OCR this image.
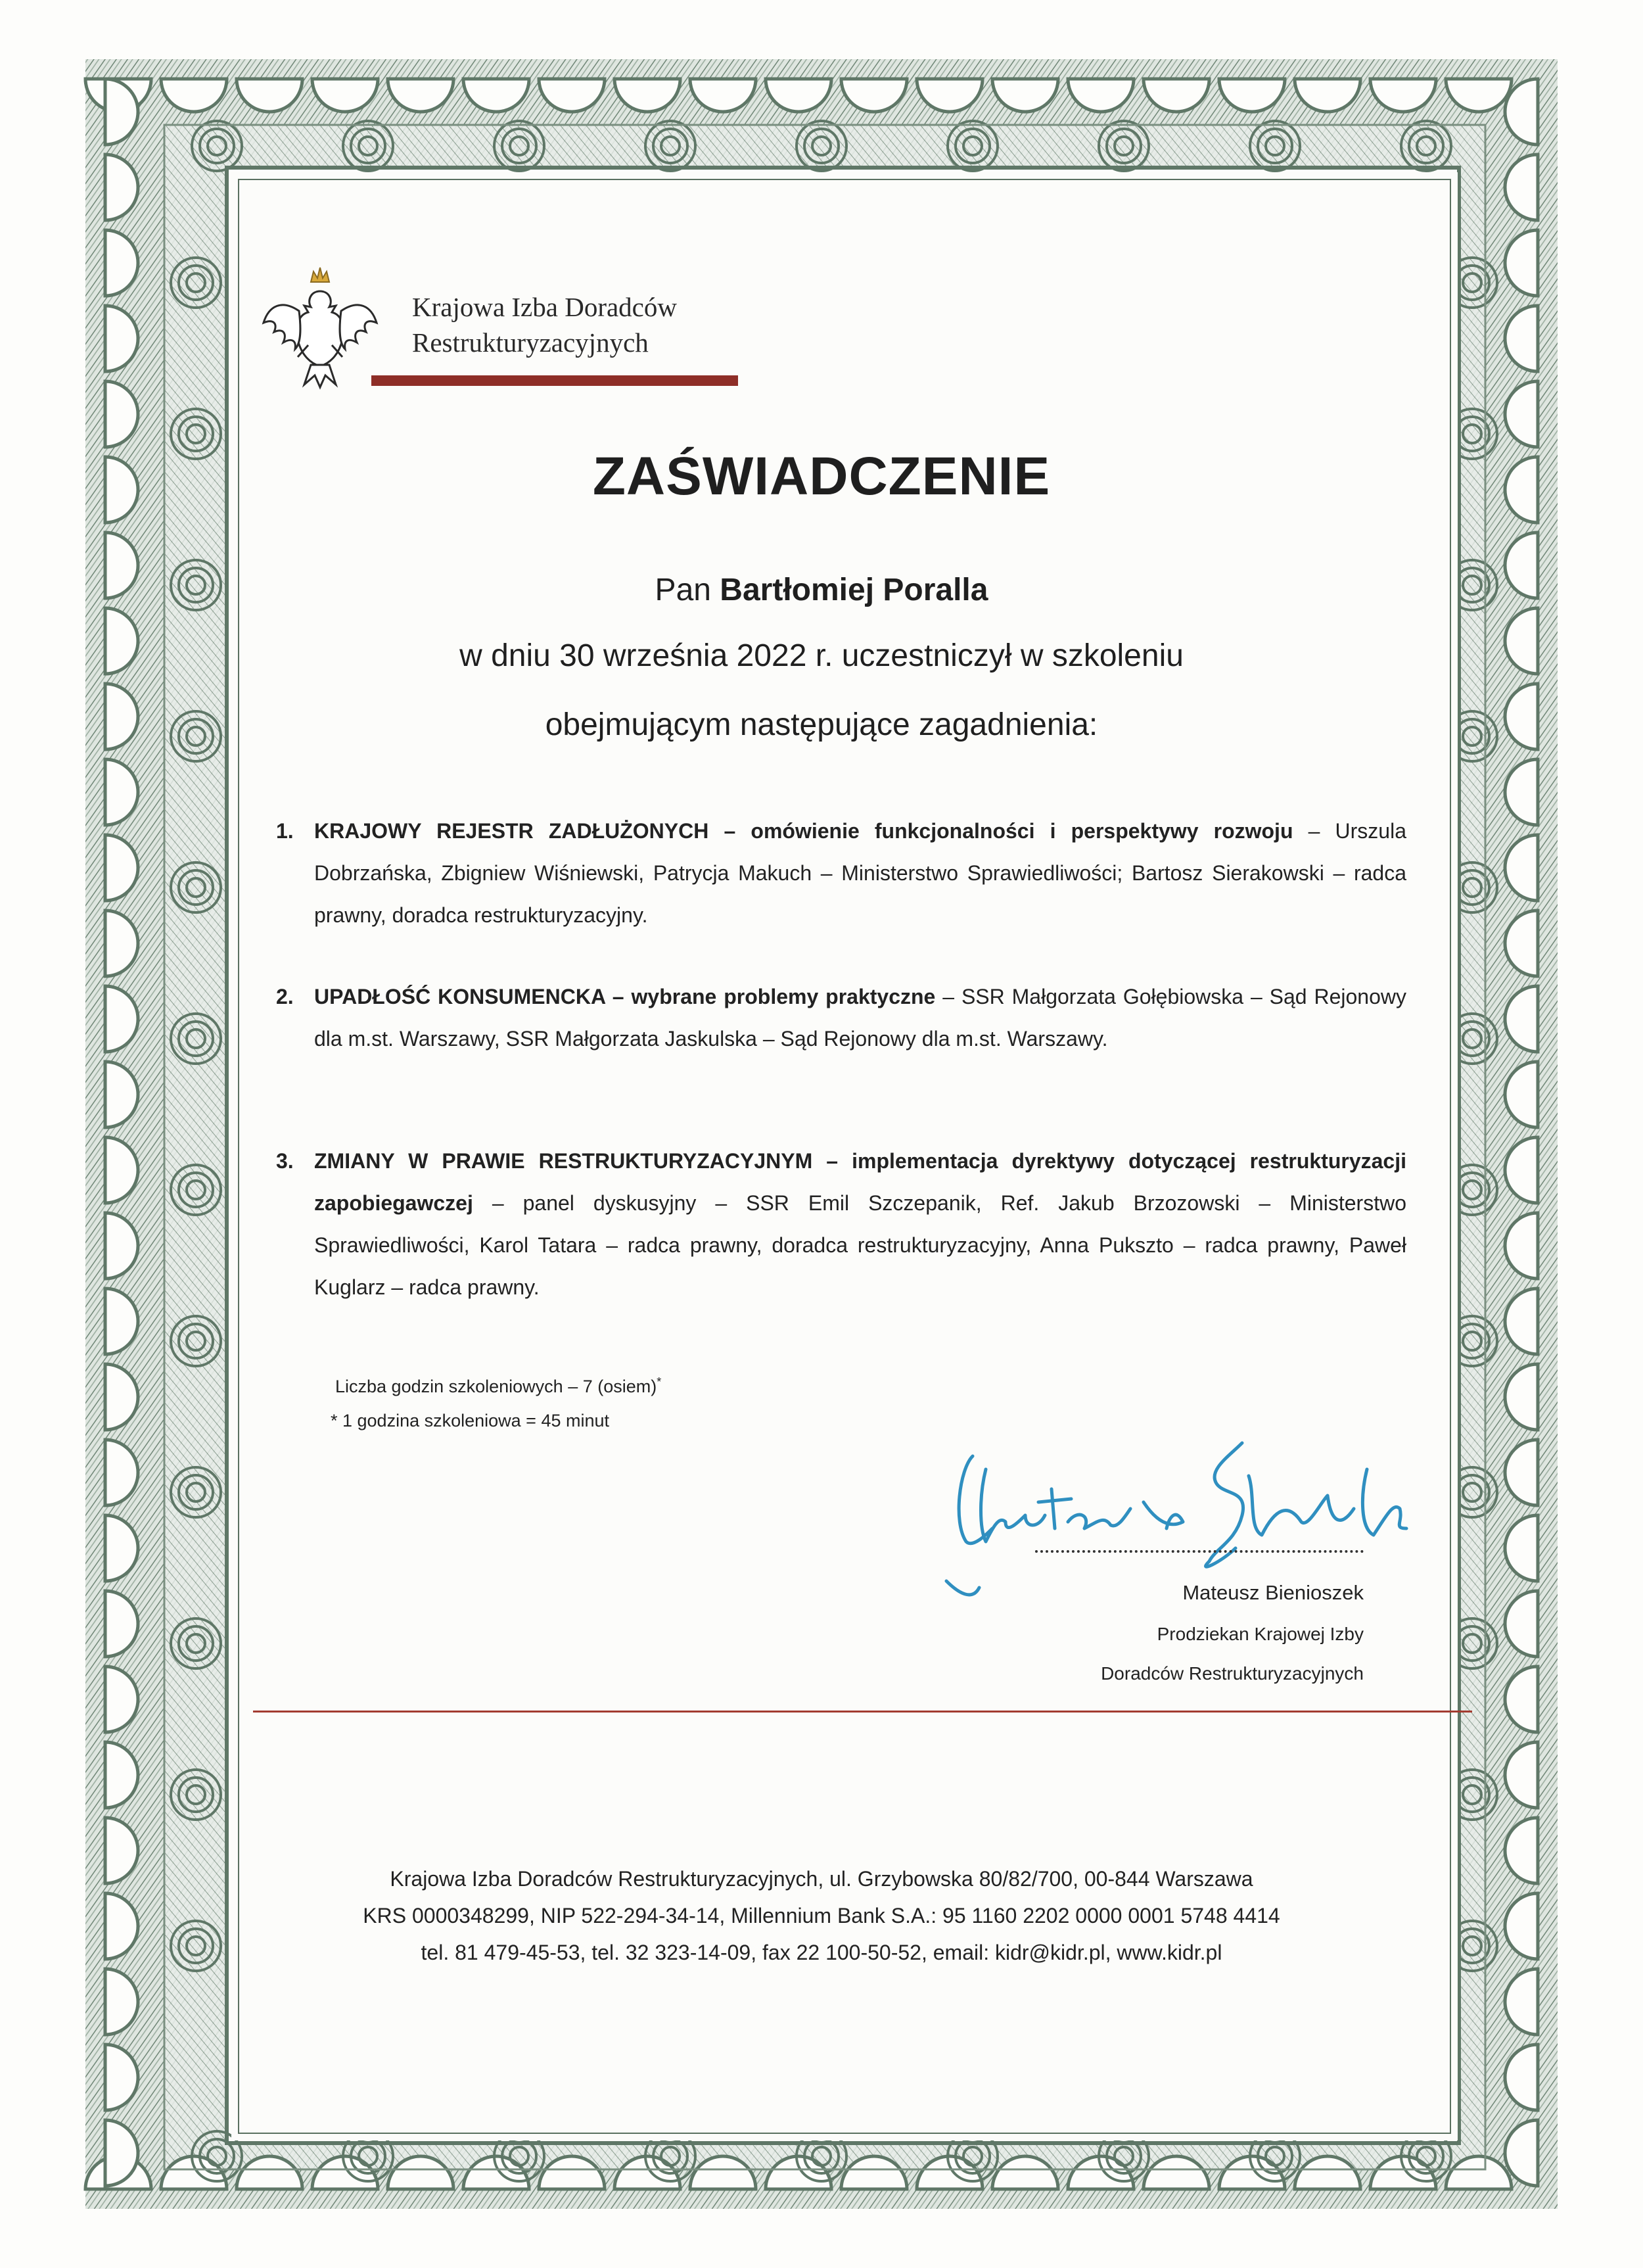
Krajowa Izba Doradców
Restrukturyzacyjnych

ZAŚWIADCZENIE

Pan Bartłomiej Poralla

w dniu 30 września 2022 r. uczestniczył w szkoleniu

obejmującym następujące zagadnienia:

1. KRAJOWY REJESTR ZADŁUŻONYCH – omówienie funkcjonalności i perspektywy rozwoju – Urszula Dobrzańska, Zbigniew Wiśniewski, Patrycja Makuch – Ministerstwo Sprawiedliwości; Bartosz Sierakowski – radca prawny, doradca restrukturyzacyjny.
2. UPADŁOŚĆ KONSUMENCKA – wybrane problemy praktyczne – SSR Małgorzata Gołębiowska – Sąd Rejonowy dla m.st. Warszawy, SSR Małgorzata Jaskulska – Sąd Rejonowy dla m.st. Warszawy.
3. ZMIANY W PRAWIE RESTRUKTURYZACYJNYM – implementacja dyrektywy dotyczącej restrukturyzacji zapobiegawczej – panel dyskusyjny – SSR Emil Szczepanik, Ref. Jakub Brzozowski – Ministerstwo Sprawiedliwości, Karol Tatara – radca prawny, doradca restrukturyzacyjny, Anna Puksztо – radca prawny, Paweł Kuglarz – radca prawny.

Liczba godzin szkoleniowych – 7 (osiem)*

* 1 godzina szkoleniowa = 45 minut

Mateusz Bienioszek

Prodziekan Krajowej Izby

Doradców Restrukturyzacyjnych

Krajowa Izba Doradców Restrukturyzacyjnych, ul. Grzybowska 80/82/700, 00-844 Warszawa

KRS 0000348299, NIP 522-294-34-14, Millennium Bank S.A.: 95 1160 2202 0000 0001 5748 4414

tel. 81 479-45-53, tel. 32 323-14-09, fax 22 100-50-52, email: kidr@kidr.pl, www.kidr.pl
